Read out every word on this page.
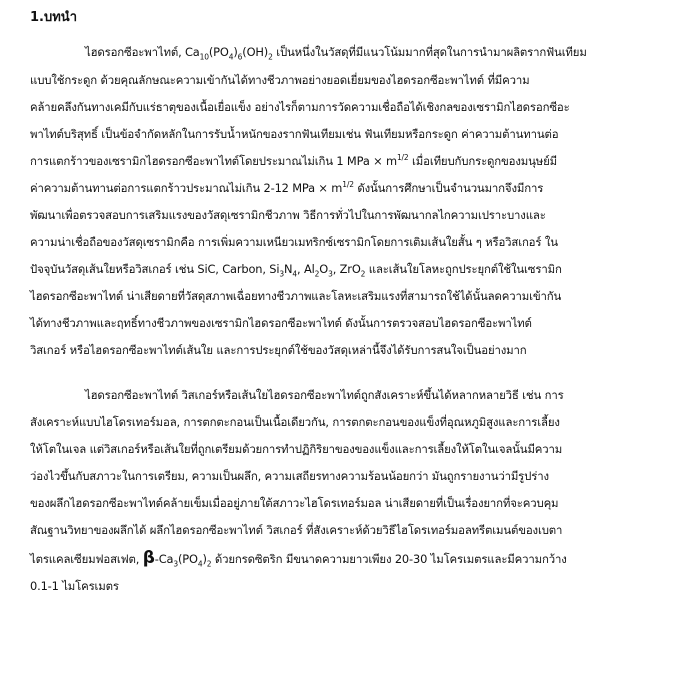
1.บทนำ
ไฮดรอกซีอะพาไทต์, $Ca_{10}(PO_4)_6(OH)_2$ เป็นหนึ่งในวัสดุที่มีแนวโน้มมากที่สุดในการนำมาผลิตรากฟันเทียม
แบบใช้กระดูก ด้วยคุณลักษณะความเข้ากันได้ทางชีวภาพอย่างยอดเยี่ยมของไฮดรอกซีอะพาไทต์ ที่มีความ
คล้ายคลึงกันทางเคมีกับแร่ธาตุของเนื้อเยื่อแข็ง อย่างไรก็ตามการวัดความเชื่อถือได้เชิงกลของเซรามิกไฮดรอกซีอะ
พาไทต์บริสุทธิ์ เป็นข้อจำกัดหลักในการรับน้ำหนักของรากฟันเทียมเช่น ฟันเทียมหรือกระดูก ค่าความต้านทานต่อ
การแตกร้าวของเซรามิกไฮดรอกซีอะพาไทต์โดยประมาณไม่เกิน 1 MPa × $m^{1/2}$ เมื่อเทียบกับกระดูกของมนุษย์มี
ค่าความต้านทานต่อการแตกร้าวประมาณไม่เกิน 2-12 MPa × $m^{1/2}$ ดังนั้นการศึกษาเป็นจำนวนมากจึงมีการ
พัฒนาเพื่อตรวจสอบการเสริมแรงของวัสดุเซรามิกชีวภาพ วิธีการทั่วไปในการพัฒนากลไกความเปราะบางและ
ความน่าเชื่อถือของวัสดุเซรามิกคือ การเพิ่มความเหนียวเมทริกซ์เซรามิกโดยการเติมเส้นใยสั้น ๆ หรือวิสเกอร์ ใน
ปัจจุบันวัสดุเส้นใยหรือวิสเกอร์ เช่น SiC, Carbon, $Si_3N_4$, $Al_2O_3$, ZrO$_2$ และเส้นใยโลหะถูกประยุกต์ใช้ในเซรามิก
ไฮดรอกซีอะพาไทต์ น่าเสียดายที่วัสดุสภาพเฉื่อยทางชีวภาพและโลหะเสริมแรงที่สามารถใช้ได้นั้นลดความเข้ากัน
ได้ทางชีวภาพและฤทธิ์ทางชีวภาพของเซรามิกไฮดรอกซีอะพาไทต์ ดังนั้นการตรวจสอบไฮดรอกซีอะพาไทต์
วิสเกอร์ หรือไฮดรอกซีอะพาไทต์เส้นใย และการประยุกต์ใช้ของวัสดุเหล่านี้จึงได้รับการสนใจเป็นอย่างมาก
ไฮดรอกซีอะพาไทต์ วิสเกอร์หรือเส้นใยไฮดรอกซีอะพาไทต์ถูกสังเคราะห์ขึ้นได้หลากหลายวิธี เช่น การ
สังเคราะห์แบบไฮโดรเทอร์มอล, การตกตะกอนเป็นเนื้อเดียวกัน, การตกตะกอนของแข็งที่อุณหภูมิสูงและการเลี้ยง
ให้โตในเจล แต่วิสเกอร์หรือเส้นใยที่ถูกเตรียมด้วยการทำปฏิกิริยาของของแข็งและการเลี้ยงให้โตในเจลนั้นมีความ
ว่องไวขึ้นกับสภาวะในการเตรียม, ความเป็นผลึก, ความเสถียรทางความร้อนน้อยกว่า มันถูกรายงานว่ามีรูปร่าง
ของผลึกไฮดรอกซีอะพาไทต์คล้ายเข็มเมื่ออยู่ภายใต้สภาวะไฮโดรเทอร์มอล น่าเสียดายที่เป็นเรื่องยากที่จะควบคุม
สัณฐานวิทยาของผลึกได้ ผลึกไฮดรอกซีอะพาไทต์ วิสเกอร์ ที่สังเคราะห์ด้วยวิธีไฮโดรเทอร์มอลทรีตเมนต์ของเบตา
ไตรแคลเซียมฟอสเฟต, $\beta-Ca_3(PO_4)_2$ ด้วยกรดซิตริก มีขนาดความยาวเพียง 20-30 ไมโครเมตรและมีความกว้าง
0.1-1 ไมโครเมตร
